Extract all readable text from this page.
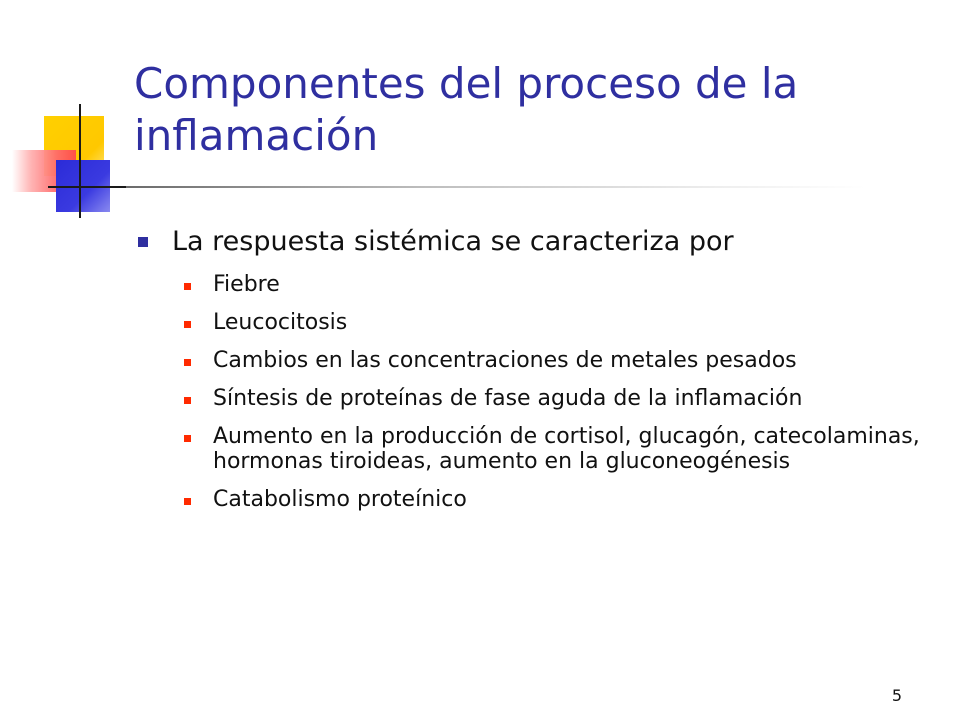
Componentes del proceso de la inflamación
La respuesta sistémica se caracteriza por
Fiebre
Leucocitosis
Cambios en las concentraciones de metales pesados
Síntesis de proteínas de fase aguda de la inflamación
Aumento en la producción de cortisol, glucagón, catecolaminas, hormonas tiroideas, aumento en la gluconeogénesis
Catabolismo proteínico
5
